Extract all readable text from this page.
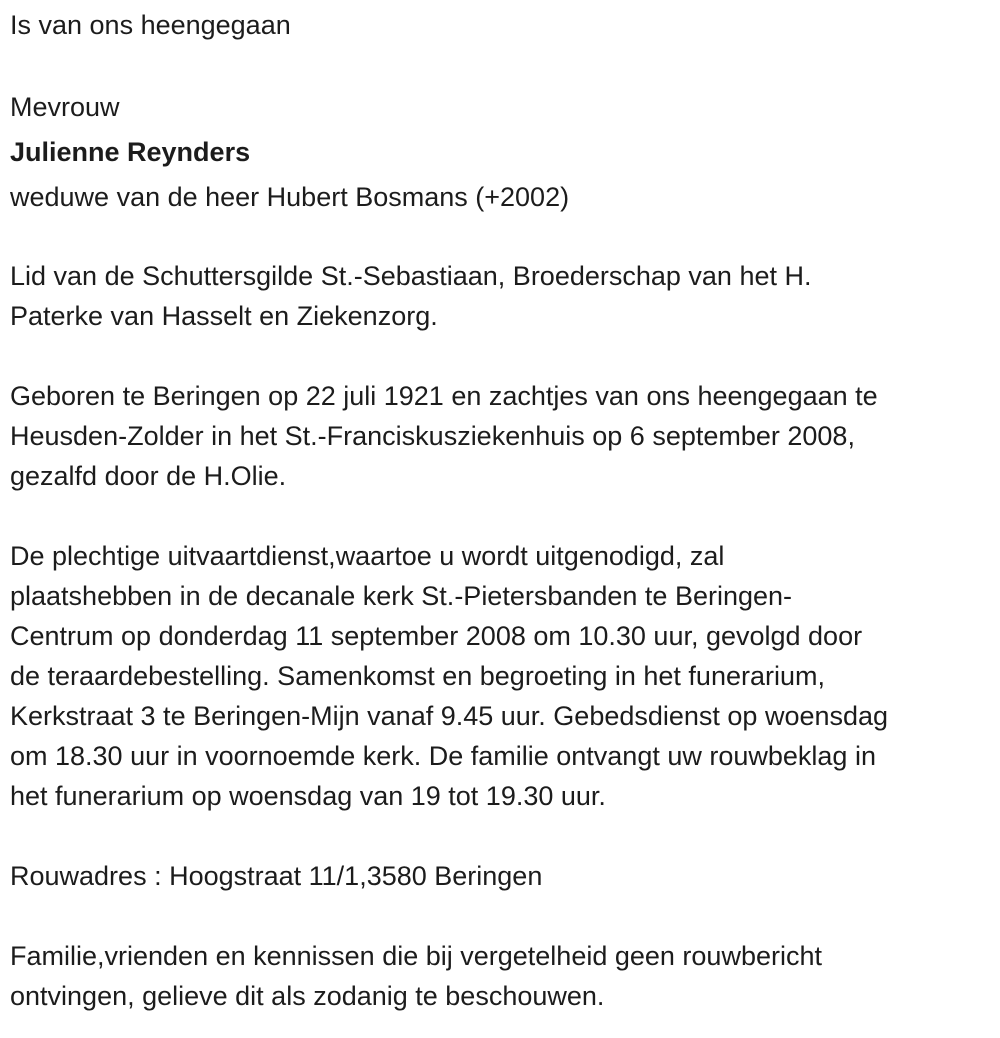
Is van ons heengegaan
Mevrouw
Julienne Reynders
weduwe van de heer Hubert Bosmans (+2002)
Lid van de Schuttersgilde St.-Sebastiaan, Broederschap van het H.
Paterke van Hasselt en Ziekenzorg.
Geboren te Beringen op 22 juli 1921 en zachtjes van ons heengegaan te
Heusden-Zolder in het St.-Franciskusziekenhuis op 6 september 2008,
gezalfd door de H.Olie.
De plechtige uitvaartdienst,waartoe u wordt uitgenodigd, zal
plaatshebben in de decanale kerk St.-Pietersbanden te Beringen-
Centrum op donderdag 11 september 2008 om 10.30 uur, gevolgd door
de teraardebestelling. Samenkomst en begroeting in het funerarium,
Kerkstraat 3 te Beringen-Mijn vanaf 9.45 uur. Gebedsdienst op woensdag
om 18.30 uur in voornoemde kerk. De familie ontvangt uw rouwbeklag in
het funerarium op woensdag van 19 tot 19.30 uur.
Rouwadres : Hoogstraat 11/1,3580 Beringen
Familie,vrienden en kennissen die bij vergetelheid geen rouwbericht
ontvingen, gelieve dit als zodanig te beschouwen.
